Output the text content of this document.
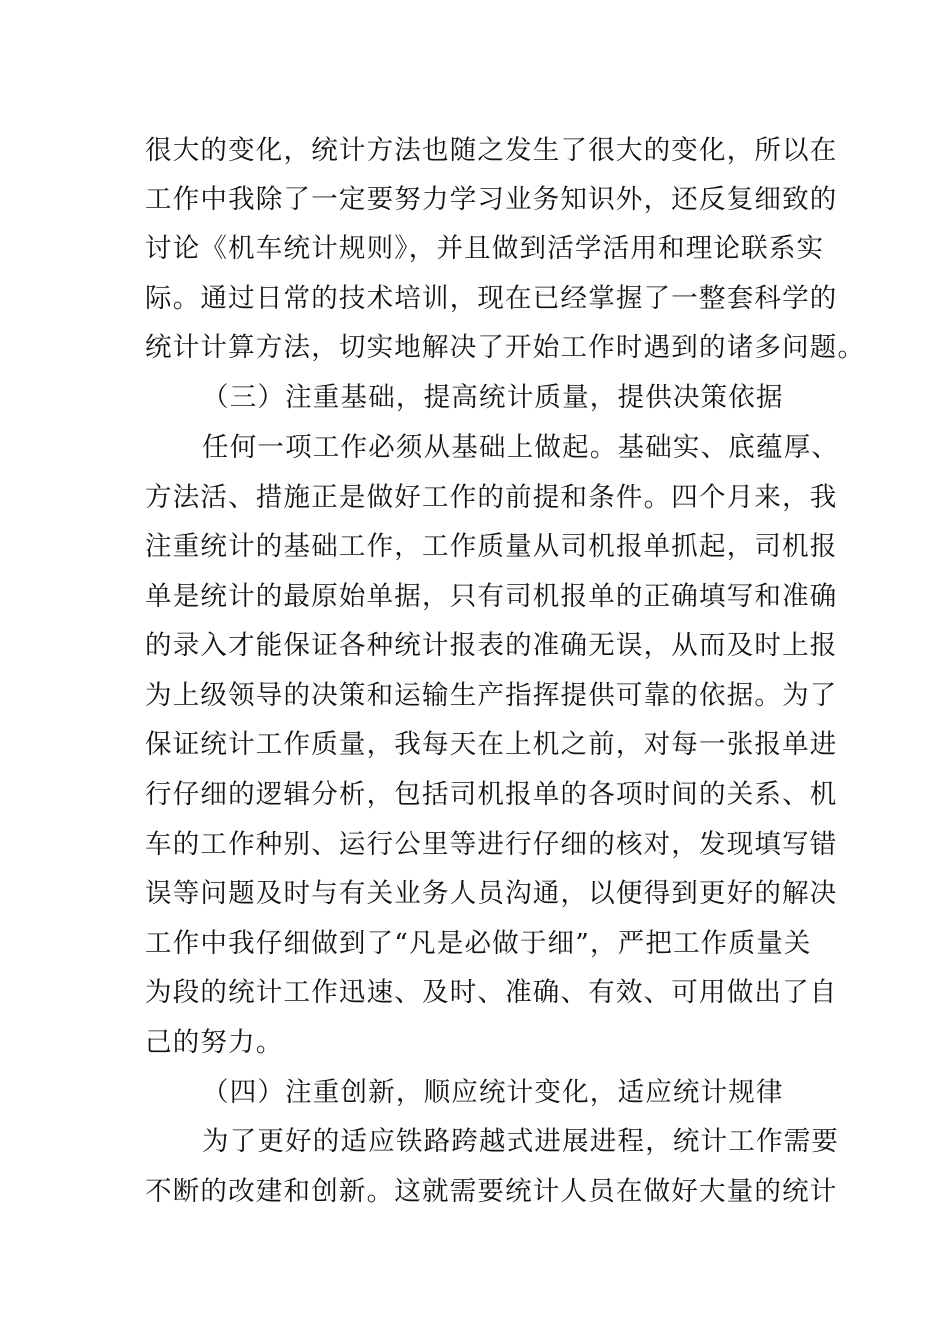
很大的变化，统计方法也随之发生了很大的变化，所以在
工作中我除了一定要努力学习业务知识外，还反复细致的
讨论《机车统计规则》，并且做到活学活用和理论联系实
际。通过日常的技术培训，现在已经掌握了一整套科学的
统计计算方法，切实地解决了开始工作时遇到的诸多问题。
（三）注重基础，提高统计质量，提供决策依据
任何一项工作必须从基础上做起。基础实、底蕴厚、
方法活、措施正是做好工作的前提和条件。四个月来，我
注重统计的基础工作，工作质量从司机报单抓起，司机报
单是统计的最原始单据，只有司机报单的正确填写和准确
的录入才能保证各种统计报表的准确无误，从而及时上报
为上级领导的决策和运输生产指挥提供可靠的依据。为了
保证统计工作质量，我每天在上机之前，对每一张报单进
行仔细的逻辑分析，包括司机报单的各项时间的关系、机
车的工作种别、运行公里等进行仔细的核对，发现填写错
误等问题及时与有关业务人员沟通，以便得到更好的解决
工作中我仔细做到了“凡是必做于细”，严把工作质量关
为段的统计工作迅速、及时、准确、有效、可用做出了自
己的努力。
（四）注重创新，顺应统计变化，适应统计规律
为了更好的适应铁路跨越式进展进程，统计工作需要
不断的改建和创新。这就需要统计人员在做好大量的统计
